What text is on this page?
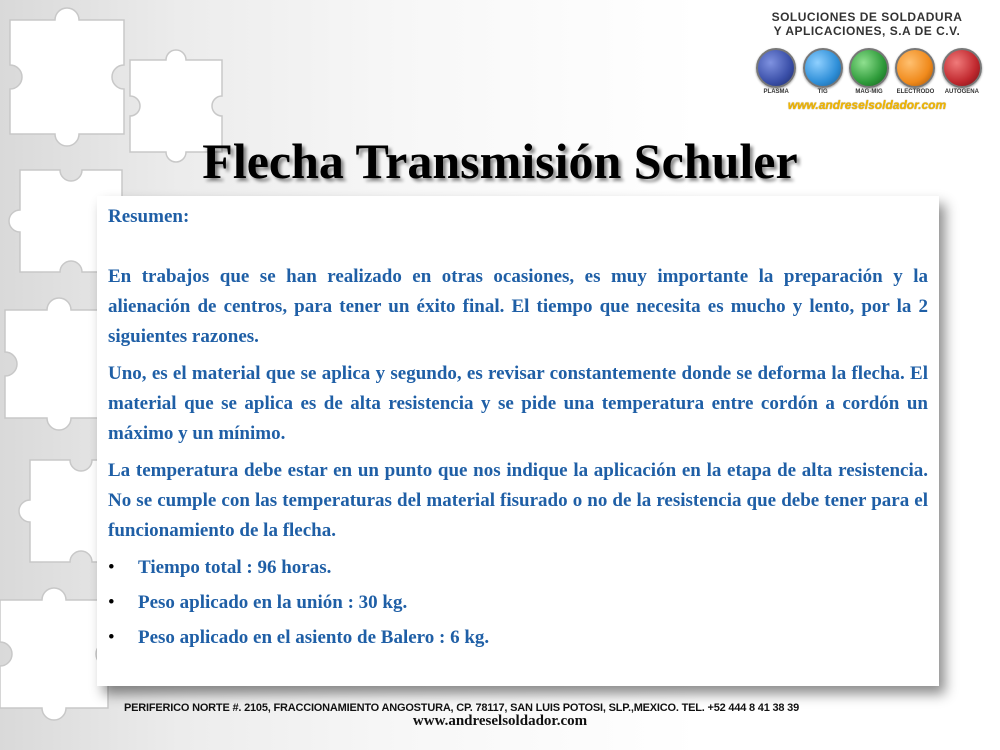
SOLUCIONES DE SOLDADURA
Y APLICACIONES, S.A DE C.V.
PLASMA	TIG	MAG-MIG ELECTRODO AUTOGENA
www.andreselsoldador.com
Flecha Transmisión Schuler

Resumen:

En trabajos que se han realizado en otras ocasiones, es muy importante la preparación y la alienación de centros, para tener un éxito final. El tiempo que necesita es mucho y lento, por la 2 siguientes razones.

Uno, es el material que se aplica y segundo, es revisar constantemente donde se deforma la flecha. El material que se aplica es de alta resistencia y se pide una temperatura entre cordón a cordón un máximo y un mínimo.

La temperatura debe estar en un punto que nos indique la aplicación en la etapa de alta resistencia. No se cumple con las temperaturas del material fisurado o no de la resistencia que debe tener para el funcionamiento de la flecha.

•	Tiempo total : 96 horas.
•	Peso aplicado en la unión : 30 kg.
•	Peso aplicado en el asiento de Balero : 6 kg.
PERIFERICO NORTE #. 2105, FRACCIONAMIENTO ANGOSTURA, CP. 78117, SAN LUIS POTOSI, SLP.,MEXICO. TEL. +52 444 8 41 38 39
www.andreselsoldador.com
